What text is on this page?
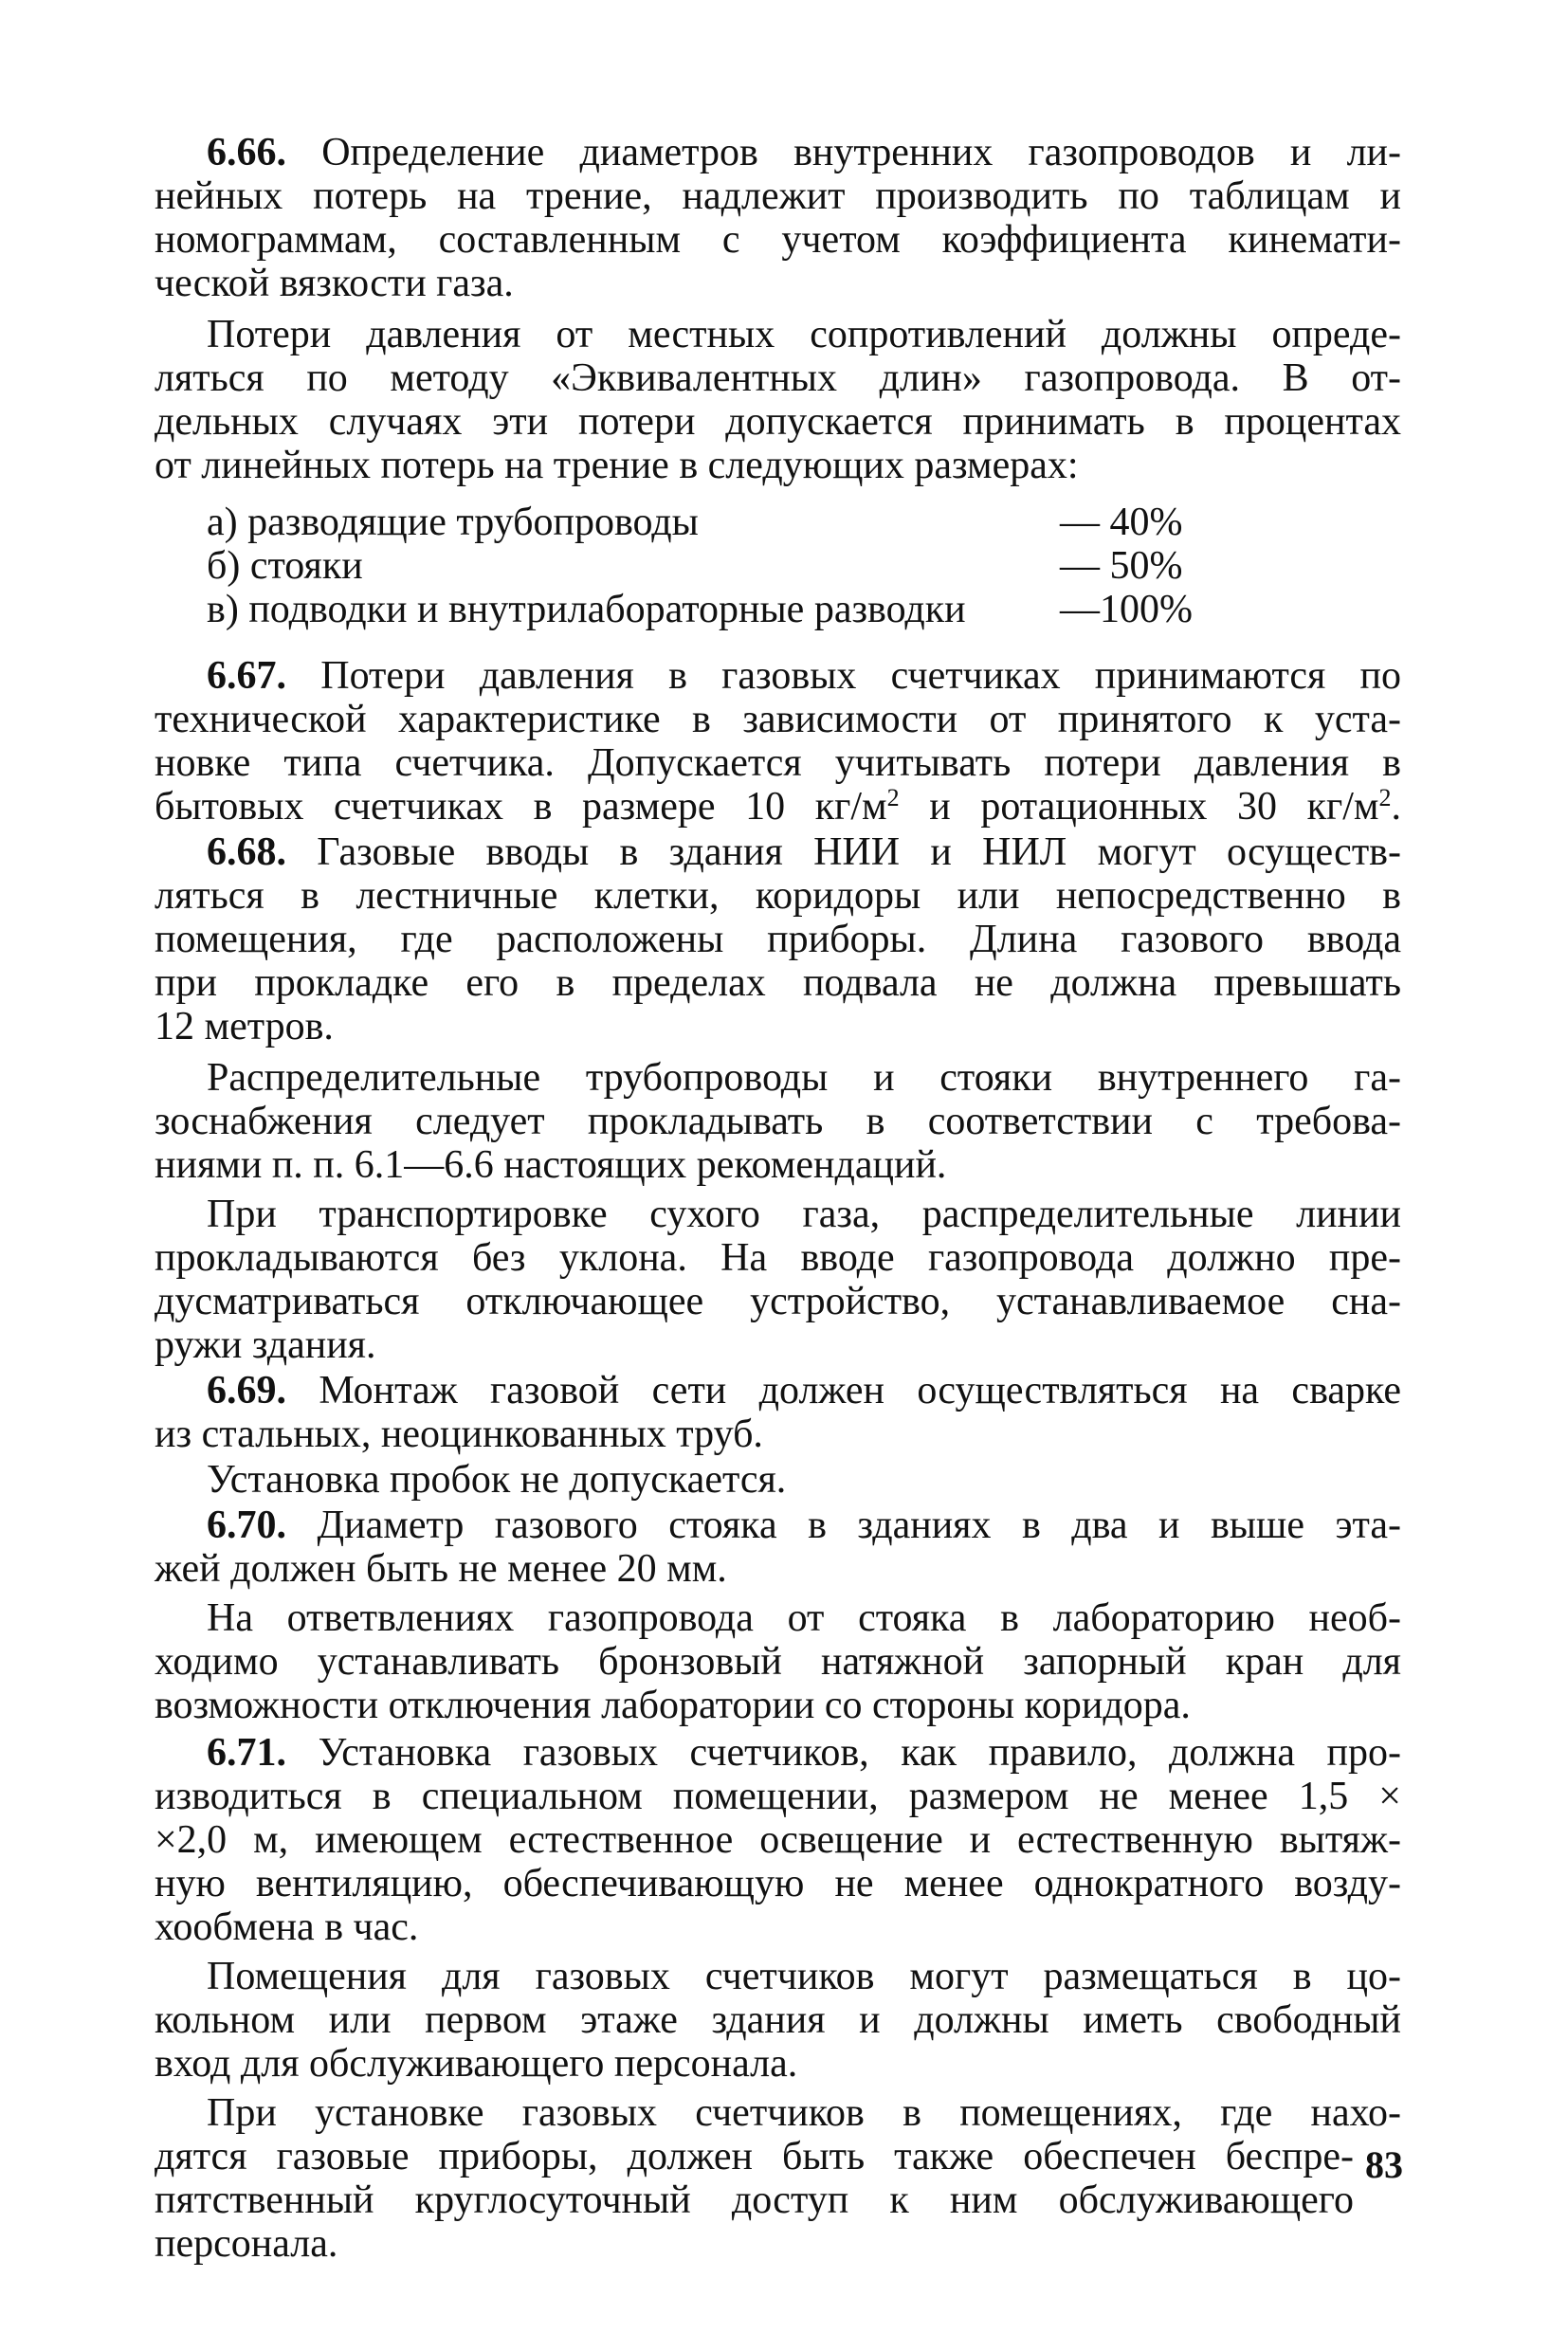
6.66. Определение диаметров внутренних газопроводов и ли-
нейных потерь на трение, надлежит производить по таблицам и
номограммам, составленным с учетом коэффициента кинемати-
ческой вязкости газа.
Потери давления от местных сопротивлений должны опреде-
ляться по методу «Эквивалентных длин» газопровода. В от-
дельных случаях эти потери допускается принимать в процентах
от линейных потерь на трение в следующих размерах:
а) разводящие трубопроводы	— 40%
б) стояки	— 50%
в) подводки и внутрилабораторные разводки —100%
6.67. Потери давления в газовых счетчиках принимаются по
технической характеристике в зависимости от принятого к уста-
новке типа счетчика. Допускается учитывать потери давления в
бытовых счетчиках в размере 10 $кг/м^2$ и ротационных 30 $кг/м^2$.
6.68. Газовые вводы в здания НИИ и НИЛ могут осуществ-
ляться в лестничные клетки, коридоры или непосредственно в
помещения, где расположены приборы. Длина газового ввода
при прокладке его в пределах подвала не должна превышать
12 метров.
Распределительные трубопроводы и стояки внутреннего га-
зоснабжения следует прокладывать в соответствии с требова-
ниями п. п. 6.1—6.6 настоящих рекомендаций.
При транспортировке сухого газа, распределительные линии
прокладываются без уклона. На вводе газопровода должно пре-
дусматриваться отключающее устройство, устанавливаемое сна-
ружи здания.
6.69. Монтаж газовой сети должен осуществляться на сварке
из стальных, неоцинкованных труб.
Установка пробок не допускается.
6.70. Диаметр газового стояка в зданиях в два и выше эта-
жей должен быть не менее 20 мм.
На ответвлениях газопровода от стояка в лабораторию необ-
ходимо устанавливать бронзовый натяжной запорный кран для
возможности отключения лаборатории со стороны коридора.
6.71. Установка газовых счетчиков, как правило, должна про-
изводиться в специальном помещении, размером не менее 1,5 ×
×2,0 м, имеющем естественное освещение и естественную вытяж-
ную вентиляцию, обеспечивающую не менее однократного возду-
хообмена в час.
Помещения для газовых счетчиков могут размещаться в цо-
кольном или первом этаже здания и должны иметь свободный
вход для обслуживающего персонала.
При установке газовых счетчиков в помещениях, где нахо-
дятся газовые приборы, должен быть также обеспечен беспре-
пятственный круглосуточный доступ к ним обслуживающего
персонала.
83
